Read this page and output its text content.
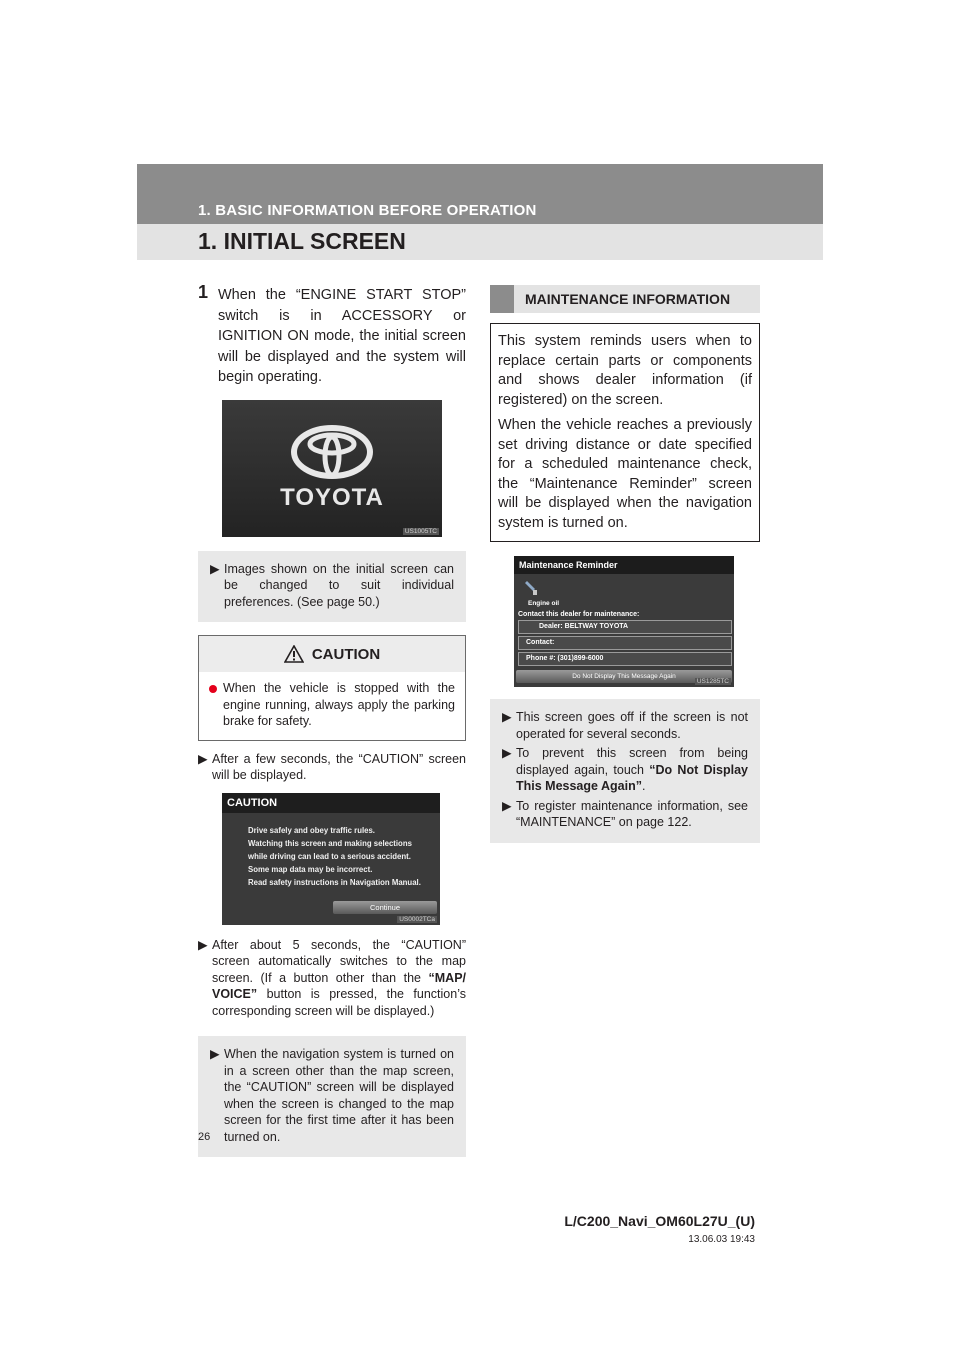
1. BASIC INFORMATION BEFORE OPERATION
1. INITIAL SCREEN
1 When the “ENGINE START STOP” switch is in ACCESSORY or IGNITION ON mode, the initial screen will be displayed and the system will begin operating.
TOYOTA
US1005TC
▶ Images shown on the initial screen can be changed to suit individual preferences. (See page 50.)
CAUTION
When the vehicle is stopped with the engine running, always apply the parking brake for safety.
▶ After a few seconds, the “CAUTION” screen will be displayed.
CAUTION
Drive safely and obey traffic rules.
Watching this screen and making selections
while driving can lead to a serious accident.
Some map data may be incorrect.
Read safety instructions in Navigation Manual.
Continue
US0002TCa
▶ After about 5 seconds, the “CAUTION” screen automatically switches to the map screen. (If a button other than the “MAP/ VOICE” button is pressed, the function’s corresponding screen will be displayed.)
▶ When the navigation system is turned on in a screen other than the map screen, the “CAUTION” screen will be displayed when the screen is changed to the map screen for the first time after it has been turned on.
MAINTENANCE INFORMATION

This system reminds users when to replace certain parts or components and shows dealer information (if registered) on the screen.

When the vehicle reaches a previously set driving distance or date specified for a scheduled maintenance check, the “Maintenance Reminder” screen will be displayed when the navigation system is turned on.

Maintenance Reminder
Engine oil
Contact this dealer for maintenance:
Dealer: BELTWAY TOYOTA
Contact:
Phone #: (301)899-6000
Do Not Display This Message Again
US1285TC
▶ This screen goes off if the screen is not operated for several seconds.
▶ To prevent this screen from being displayed again, touch “Do Not Display This Message Again”.
▶ To register maintenance information, see “MAINTENANCE” on page 122.
26
L/C200_Navi_OM60L27U_(U)
13.06.03 19:43
